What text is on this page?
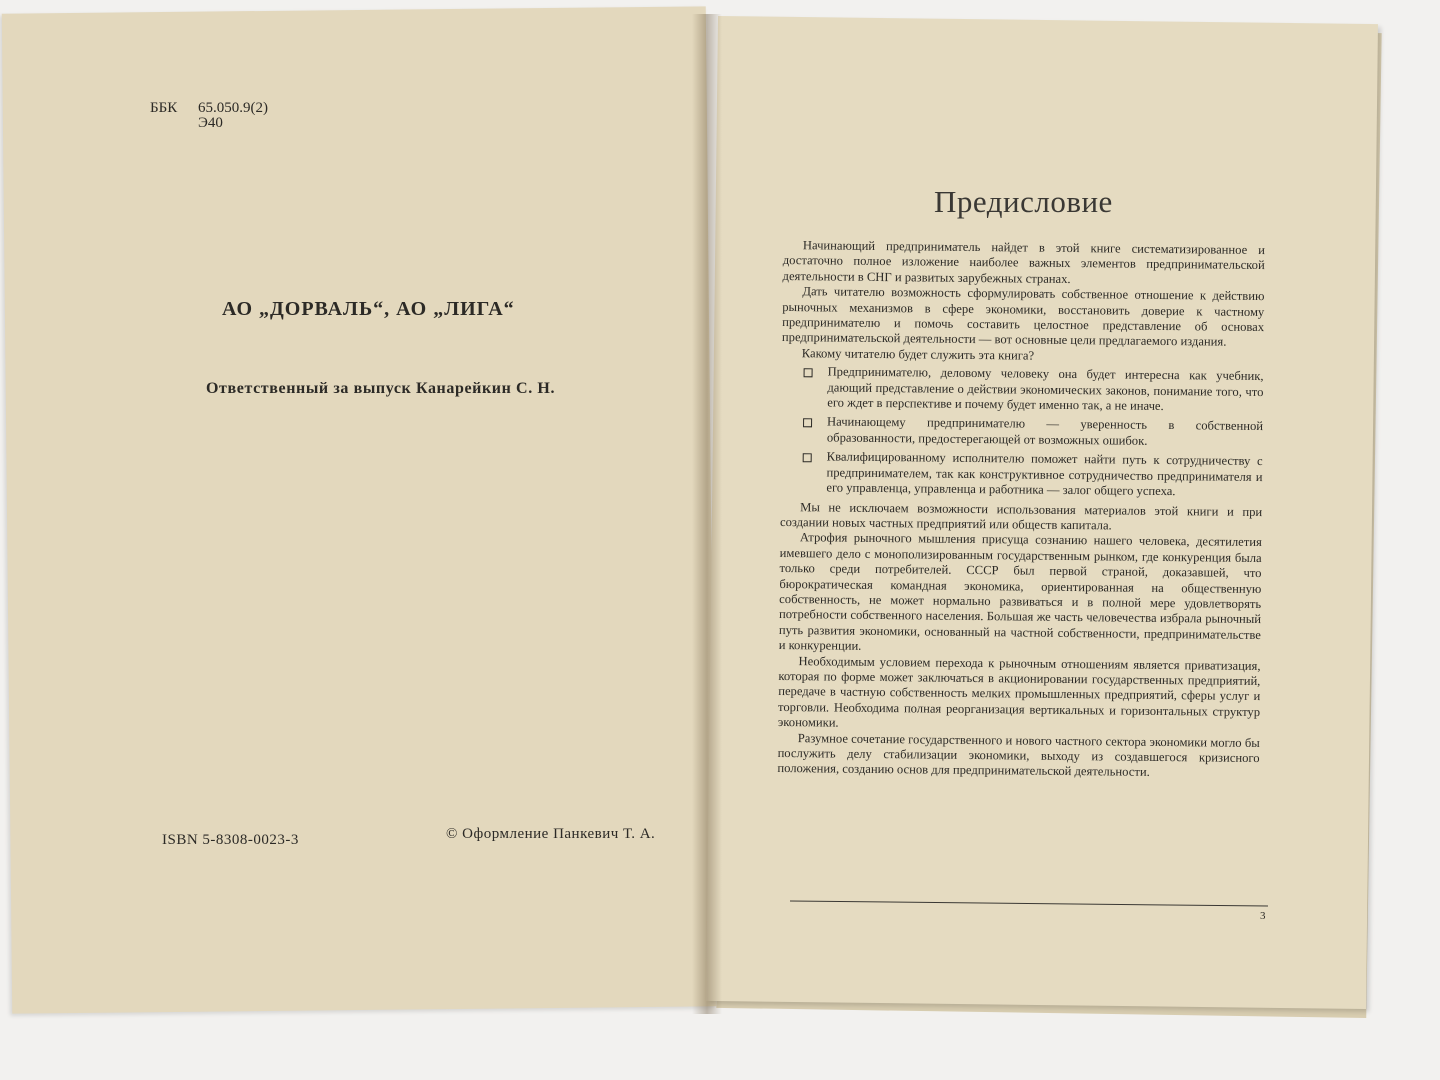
ББК 65.050.9(2)
Э40
АО „ДОРВАЛЬ“, АО „ЛИГА“
Ответственный за выпуск Канарейкин С. Н.
ISBN 5-8308-0023-3	© Оформление Панкевич Т. А.
Предисловие

Начинающий предприниматель найдет в этой книге систематизированное и достаточно полное изложение наиболее важных элементов предпринимательской деятельности в СНГ и развитых зарубежных странах.

Дать читателю возможность сформулировать собственное отношение к действию рыночных механизмов в сфере экономики, восстановить доверие к частному предпринимателю и помочь составить целостное представление об основах предпринимательской деятельности — вот основные цели предлагаемого издания.

Какому читателю будет служить эта книга?

Предпринимателю, деловому человеку она будет интересна как учебник, дающий представление о действии экономических законов, понимание того, что его ждет в перспективе и почему будет именно так, а не иначе.
Начинающему предпринимателю — уверенность в собственной образованности, предостерегающей от возможных ошибок.
Квалифицированному исполнителю поможет найти путь к сотрудничеству с предпринимателем, так как конструктивное сотрудничество предпринимателя и его управленца, управленца и работника — залог общего успеха.

Мы не исключаем возможности использования материалов этой книги и при создании новых частных предприятий или обществ капитала.

Атрофия рыночного мышления присуща сознанию нашего человека, десятилетия имевшего дело с монополизированным государственным рынком, где конкуренция была только среди потребителей. СССР был первой страной, доказавшей, что бюрократическая командная экономика, ориентированная на общественную собственность, не может нормально развиваться и в полной мере удовлетворять потребности собственного населения. Большая же часть человечества избрала рыночный путь развития экономики, основанный на частной собственности, предпринимательстве и конкуренции.

Необходимым условием перехода к рыночным отношениям является приватизация, которая по форме может заключаться в акционировании государственных предприятий, передаче в частную собственность мелких промышленных предприятий, сферы услуг и торговли. Необходима полная реорганизация вертикальных и горизонтальных структур экономики.

Разумное сочетание государственного и нового частного сектора экономики могло бы послужить делу стабилизации экономики, выходу из создавшегося кризисного положения, созданию основ для предпринимательской деятельности.

3
